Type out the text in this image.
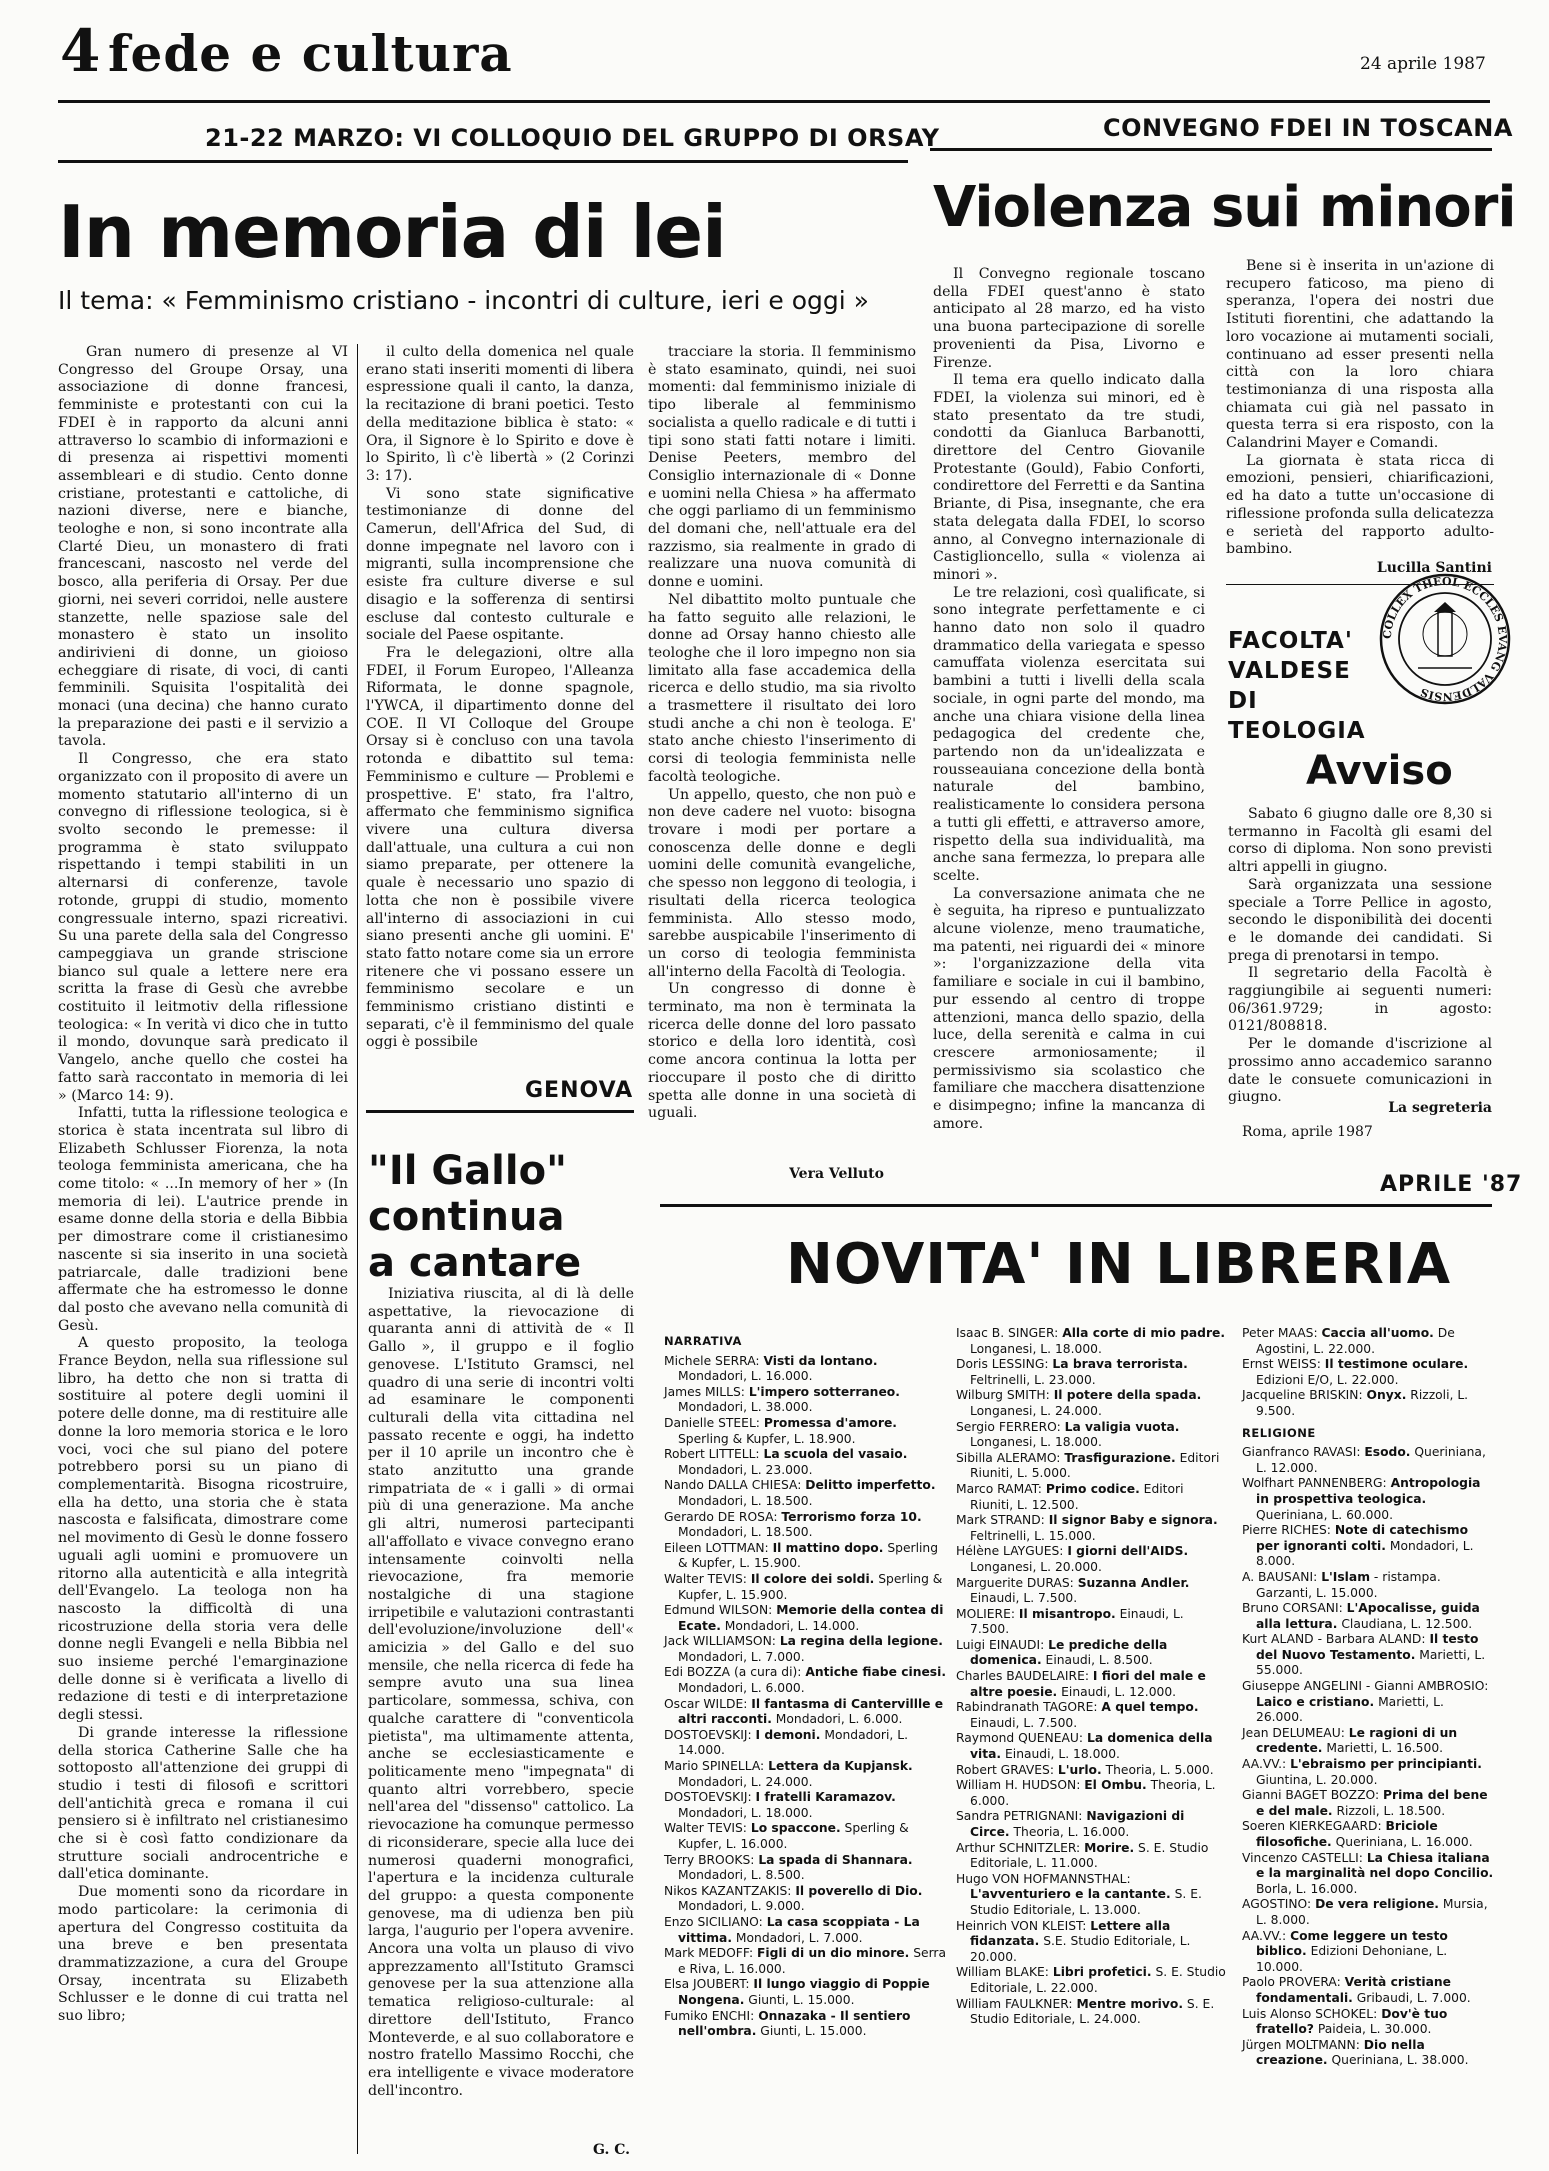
4 fede e cultura	24 aprile 1987
21-22 MARZO: VI COLLOQUIO DEL GRUPPO DI ORSAY
In memoria di lei
Il tema: « Femminismo cristiano - incontri di culture, ieri e oggi »
CONVEGNO FDEI IN TOSCANA
Violenza sui minori

Gran numero di presenze al VI Congresso del Groupe Orsay, una associazione di donne francesi, femministe e protestanti con cui la FDEI è in rapporto da alcuni anni attraverso lo scambio di informazioni e di presenza ai rispettivi momenti assembleari e di studio. Cento donne cristiane, protestanti e cattoliche, di nazioni diverse, nere e bianche, teologhe e non, si sono incontrate alla Clarté Dieu, un monastero di frati francescani, nascosto nel verde del bosco, alla periferia di Orsay. Per due giorni, nei severi corridoi, nelle austere stanzette, nelle spaziose sale del monastero è stato un insolito andirivieni di donne, un gioioso echeggiare di risate, di voci, di canti femminili. Squisita l'ospitalità dei monaci (una decina) che hanno curato la preparazione dei pasti e il servizio a tavola.

Il Congresso, che era stato organizzato con il proposito di avere un momento statutario all'interno di un convegno di riflessione teologica, si è svolto secondo le premesse: il programma è stato sviluppato rispettando i tempi stabiliti in un alternarsi di conferenze, tavole rotonde, gruppi di studio, momento congressuale interno, spazi ricreativi. Su una parete della sala del Congresso campeggiava un grande striscione bianco sul quale a lettere nere era scritta la frase di Gesù che avrebbe costituito il leitmotiv della riflessione teologica: « In verità vi dico che in tutto il mondo, dovunque sarà predicato il Vangelo, anche quello che costei ha fatto sarà raccontato in memoria di lei » (Marco 14: 9).

Infatti, tutta la riflessione teologica e storica è stata incentrata sul libro di Elizabeth Schlusser Fiorenza, la nota teologa femminista americana, che ha come titolo: « ...In memory of her » (In memoria di lei). L'autrice prende in esame donne della storia e della Bibbia per dimostrare come il cristianesimo nascente si sia inserito in una società patriarcale, dalle tradizioni bene affermate che ha estromesso le donne dal posto che avevano nella comunità di Gesù.

A questo proposito, la teologa France Beydon, nella sua riflessione sul libro, ha detto che non si tratta di sostituire al potere degli uomini il potere delle donne, ma di restituire alle donne la loro memoria storica e le loro voci, voci che sul piano del potere potrebbero porsi su un piano di complementarità. Bisogna ricostruire, ella ha detto, una storia che è stata nascosta e falsificata, dimostrare come nel movimento di Gesù le donne fossero uguali agli uomini e promuovere un ritorno alla autenticità e alla integrità dell'Evangelo. La teologa non ha nascosto la difficoltà di una ricostruzione della storia vera delle donne negli Evangeli e nella Bibbia nel suo insieme perché l'emarginazione delle donne si è verificata a livello di redazione di testi e di interpretazione degli stessi.

Di grande interesse la riflessione della storica Catherine Salle che ha sottoposto all'attenzione dei gruppi di studio i testi di filosofi e scrittori dell'antichità greca e romana il cui pensiero si è infiltrato nel cristianesimo che si è così fatto condizionare da strutture sociali androcentriche e dall'etica dominante.

Due momenti sono da ricordare in modo particolare: la cerimonia di apertura del Congresso costituita da una breve e ben presentata drammatizzazione, a cura del Groupe Orsay, incentrata su Elizabeth Schlusser e le donne di cui tratta nel suo libro;

il culto della domenica nel quale erano stati inseriti momenti di libera espressione quali il canto, la danza, la recitazione di brani poetici. Testo della meditazione biblica è stato: « Ora, il Signore è lo Spirito e dove è lo Spirito, lì c'è libertà » (2 Corinzi 3: 17).

Vi sono state significative testimonianze di donne del Camerun, dell'Africa del Sud, di donne impegnate nel lavoro con i migranti, sulla incomprensione che esiste fra culture diverse e sul disagio e la sofferenza di sentirsi escluse dal contesto culturale e sociale del Paese ospitante.

Fra le delegazioni, oltre alla FDEI, il Forum Europeo, l'Alleanza Riformata, le donne spagnole, l'YWCA, il dipartimento donne del COE. Il VI Colloque del Groupe Orsay si è concluso con una tavola rotonda e dibattito sul tema: Femminismo e culture — Problemi e prospettive. E' stato, fra l'altro, affermato che femminismo significa vivere una cultura diversa dall'attuale, una cultura a cui non siamo preparate, per ottenere la quale è necessario uno spazio di lotta che non è possibile vivere all'interno di associazioni in cui siano presenti anche gli uomini. E' stato fatto notare come sia un errore ritenere che vi possano essere un femminismo secolare e un femminismo cristiano distinti e separati, c'è il femminismo del quale oggi è possibile

tracciare la storia. Il femminismo è stato esaminato, quindi, nei suoi momenti: dal femminismo iniziale di tipo liberale al femminismo socialista a quello radicale e di tutti i tipi sono stati fatti notare i limiti. Denise Peeters, membro del Consiglio internazionale di « Donne e uomini nella Chiesa » ha affermato che oggi parliamo di un femminismo del domani che, nell'attuale era del razzismo, sia realmente in grado di realizzare una nuova comunità di donne e uomini.

Nel dibattito molto puntuale che ha fatto seguito alle relazioni, le donne ad Orsay hanno chiesto alle teologhe che il loro impegno non sia limitato alla fase accademica della ricerca e dello studio, ma sia rivolto a trasmettere il risultato dei loro studi anche a chi non è teologa. E' stato anche chiesto l'inserimento di corsi di teologia femminista nelle facoltà teologiche.

Un appello, questo, che non può e non deve cadere nel vuoto: bisogna trovare i modi per portare a conoscenza delle donne e degli uomini delle comunità evangeliche, che spesso non leggono di teologia, i risultati della ricerca teologica femminista. Allo stesso modo, sarebbe auspicabile l'inserimento di un corso di teologia femminista all'interno della Facoltà di Teologia.

Un congresso di donne è terminato, ma non è terminata la ricerca delle donne del loro passato storico e della loro identità, così come ancora continua la lotta per rioccupare il posto che di diritto spetta alle donne in una società di uguali.

Vera Velluto
GENOVA
"Il Gallo"
continua
a cantare

Iniziativa riuscita, al di là delle aspettative, la rievocazione di quaranta anni di attività de « Il Gallo », il gruppo e il foglio genovese. L'Istituto Gramsci, nel quadro di una serie di incontri volti ad esaminare le componenti culturali della vita cittadina nel passato recente e oggi, ha indetto per il 10 aprile un incontro che è stato anzitutto una grande rimpatriata de « i galli » di ormai più di una generazione. Ma anche gli altri, numerosi partecipanti all'affollato e vivace convegno erano intensamente coinvolti nella rievocazione, fra memorie nostalgiche di una stagione irripetibile e valutazioni contrastanti dell'evoluzione/involuzione dell'« amicizia » del Gallo e del suo mensile, che nella ricerca di fede ha sempre avuto una sua linea particolare, sommessa, schiva, con qualche carattere di "conventicola pietista", ma ultimamente attenta, anche se ecclesiasticamente e politicamente meno "impegnata" di quanto altri vorrebbero, specie nell'area del "dissenso" cattolico. La rievocazione ha comunque permesso di riconsiderare, specie alla luce dei numerosi quaderni monografici, l'apertura e la incidenza culturale del gruppo: a questa componente genovese, ma di udienza ben più larga, l'augurio per l'opera avvenire. Ancora una volta un plauso di vivo apprezzamento all'Istituto Gramsci genovese per la sua attenzione alla tematica religioso-culturale: al direttore dell'Istituto, Franco Monteverde, e al suo collaboratore e nostro fratello Massimo Rocchi, che era intelligente e vivace moderatore dell'incontro.

G. C.

Il Convegno regionale toscano della FDEI quest'anno è stato anticipato al 28 marzo, ed ha visto una buona partecipazione di sorelle provenienti da Pisa, Livorno e Firenze.

Il tema era quello indicato dalla FDEI, la violenza sui minori, ed è stato presentato da tre studi, condotti da Gianluca Barbanotti, direttore del Centro Giovanile Protestante (Gould), Fabio Conforti, condirettore del Ferretti e da Santina Briante, di Pisa, insegnante, che era stata delegata dalla FDEI, lo scorso anno, al Convegno internazionale di Castiglioncello, sulla « violenza ai minori ».

Le tre relazioni, così qualificate, si sono integrate perfettamente e ci hanno dato non solo il quadro drammatico della variegata e spesso camuffata violenza esercitata sui bambini a tutti i livelli della scala sociale, in ogni parte del mondo, ma anche una chiara visione della linea pedagogica del credente che, partendo non da un'idealizzata e rousseauiana concezione della bontà naturale del bambino, realisticamente lo considera persona a tutti gli effetti, e attraverso amore, rispetto della sua individualità, ma anche sana fermezza, lo prepara alle scelte.

La conversazione animata che ne è seguita, ha ripreso e puntualizzato alcune violenze, meno traumatiche, ma patenti, nei riguardi dei « minore »: l'organizzazione della vita familiare e sociale in cui il bambino, pur essendo al centro di troppe attenzioni, manca dello spazio, della luce, della serenità e calma in cui crescere armoniosamente; il permissivismo sia scolastico che familiare che macchera disattenzione e disimpegno; infine la mancanza di amore.

Bene si è inserita in un'azione di recupero faticoso, ma pieno di speranza, l'opera dei nostri due Istituti fiorentini, che adattando la loro vocazione ai mutamenti sociali, continuano ad esser presenti nella città con la loro chiara testimonianza di una risposta alla chiamata cui già nel passato in questa terra si era risposto, con la Calandrini Mayer e Comandi.

La giornata è stata ricca di emozioni, pensieri, chiarificazioni, ed ha dato a tutte un'occasione di riflessione profonda sulla delicatezza e serietà del rapporto adulto-bambino.

Lucilla Santini
FACOLTA'
VALDESE
DI
TEOLOGIA
COLLEX THEOL ECCLES EVANG VALDENSIS
Avviso

Sabato 6 giugno dalle ore 8,30 si termanno in Facoltà gli esami del corso di diploma. Non sono previsti altri appelli in giugno.

Sarà organizzata una sessione speciale a Torre Pellice in agosto, secondo le disponibilità dei docenti e le domande dei candidati. Si prega di prenotarsi in tempo.

Il segretario della Facoltà è raggiungibile ai seguenti numeri: 06/361.9729; in agosto: 0121/808818.

Per le domande d'iscrizione al prossimo anno accademico saranno date le consuete comunicazioni in giugno.

La segreteria
Roma, aprile 1987
APRILE '87
NOVITA' IN LIBRERIA
NARRATIVA
Michele SERRA: Visti da lontano. Mondadori, L. 16.000.
James MILLS: L'impero sotterraneo. Mondadori, L. 38.000.
Danielle STEEL: Promessa d'amore. Sperling & Kupfer, L. 18.900.
Robert LITTELL: La scuola del vasaio. Mondadori, L. 23.000.
Nando DALLA CHIESA: Delitto imperfetto. Mondadori, L. 18.500.
Gerardo DE ROSA: Terrorismo forza 10. Mondadori, L. 18.500.
Eileen LOTTMAN: Il mattino dopo. Sperling & Kupfer, L. 15.900.
Walter TEVIS: Il colore dei soldi. Sperling & Kupfer, L. 15.900.
Edmund WILSON: Memorie della contea di Ecate. Mondadori, L. 14.000.
Jack WILLIAMSON: La regina della legione. Mondadori, L. 7.000.
Edi BOZZA (a cura di): Antiche fiabe cinesi. Mondadori, L. 6.000.
Oscar WILDE: Il fantasma di Cantervillle e altri racconti. Mondadori, L. 6.000.
DOSTOEVSKIJ: I demoni. Mondadori, L. 14.000.
Mario SPINELLA: Lettera da Kupjansk. Mondadori, L. 24.000.
DOSTOEVSKIJ: I fratelli Karamazov. Mondadori, L. 18.000.
Walter TEVIS: Lo spaccone. Sperling & Kupfer, L. 16.000.
Terry BROOKS: La spada di Shannara. Mondadori, L. 8.500.
Nikos KAZANTZAKIS: Il poverello di Dio. Mondadori, L. 9.000.
Enzo SICILIANO: La casa scoppiata - La vittima. Mondadori, L. 7.000.
Mark MEDOFF: Figli di un dio minore. Serra e Riva, L. 16.000.
Elsa JOUBERT: Il lungo viaggio di Poppie Nongena. Giunti, L. 15.000.
Fumiko ENCHI: Onnazaka - Il sentiero nell'ombra. Giunti, L. 15.000.
Isaac B. SINGER: Alla corte di mio padre. Longanesi, L. 18.000.
Doris LESSING: La brava terrorista. Feltrinelli, L. 23.000.
Wilburg SMITH: Il potere della spada. Longanesi, L. 24.000.
Sergio FERRERO: La valigia vuota. Longanesi, L. 18.000.
Sibilla ALERAMO: Trasfigurazione. Editori Riuniti, L. 5.000.
Marco RAMAT: Primo codice. Editori Riuniti, L. 12.500.
Mark STRAND: Il signor Baby e signora. Feltrinelli, L. 15.000.
Hélène LAYGUES: I giorni dell'AIDS. Longanesi, L. 20.000.
Marguerite DURAS: Suzanna Andler. Einaudi, L. 7.500.
MOLIERE: Il misantropo. Einaudi, L. 7.500.
Luigi EINAUDI: Le prediche della domenica. Einaudi, L. 8.500.
Charles BAUDELAIRE: I fiori del male e altre poesie. Einaudi, L. 12.000.
Rabindranath TAGORE: A quel tempo. Einaudi, L. 7.500.
Raymond QUENEAU: La domenica della vita. Einaudi, L. 18.000.
Robert GRAVES: L'urlo. Theoria, L. 5.000.
William H. HUDSON: El Ombu. Theoria, L. 6.000.
Sandra PETRIGNANI: Navigazioni di Circe. Theoria, L. 16.000.
Arthur SCHNITZLER: Morire. S. E. Studio Editoriale, L. 11.000.
Hugo VON HOFMANNSTHAL: L'avventuriero e la cantante. S. E. Studio Editoriale, L. 13.000.
Heinrich VON KLEIST: Lettere alla fidanzata. S.E. Studio Editoriale, L. 20.000.
William BLAKE: Libri profetici. S. E. Studio Editoriale, L. 22.000.
William FAULKNER: Mentre morivo. S. E. Studio Editoriale, L. 24.000.
Peter MAAS: Caccia all'uomo. De Agostini, L. 22.000.
Ernst WEISS: Il testimone oculare. Edizioni E/O, L. 22.000.
Jacqueline BRISKIN: Onyx. Rizzoli, L. 9.500.
RELIGIONE
Gianfranco RAVASI: Esodo. Queriniana, L. 12.000.
Wolfhart PANNENBERG: Antropologia in prospettiva teologica. Queriniana, L. 60.000.
Pierre RICHES: Note di catechismo per ignoranti colti. Mondadori, L. 8.000.
A. BAUSANI: L'Islam - ristampa. Garzanti, L. 15.000.
Bruno CORSANI: L'Apocalisse, guida alla lettura. Claudiana, L. 12.500.
Kurt ALAND - Barbara ALAND: Il testo del Nuovo Testamento. Marietti, L. 55.000.
Giuseppe ANGELINI - Gianni AMBROSIO: Laico e cristiano. Marietti, L. 26.000.
Jean DELUMEAU: Le ragioni di un credente. Marietti, L. 16.500.
AA.VV.: L'ebraismo per principianti. Giuntina, L. 20.000.
Gianni BAGET BOZZO: Prima del bene e del male. Rizzoli, L. 18.500.
Soeren KIERKEGAARD: Briciole filosofiche. Queriniana, L. 16.000.
Vincenzo CASTELLI: La Chiesa italiana e la marginalità nel dopo Concilio. Borla, L. 16.000.
AGOSTINO: De vera religione. Mursia, L. 8.000.
AA.VV.: Come leggere un testo biblico. Edizioni Dehoniane, L. 10.000.
Paolo PROVERA: Verità cristiane fondamentali. Gribaudi, L. 7.000.
Luis Alonso SCHOKEL: Dov'è tuo fratello? Paideia, L. 30.000.
Jürgen MOLTMANN: Dio nella creazione. Queriniana, L. 38.000.
